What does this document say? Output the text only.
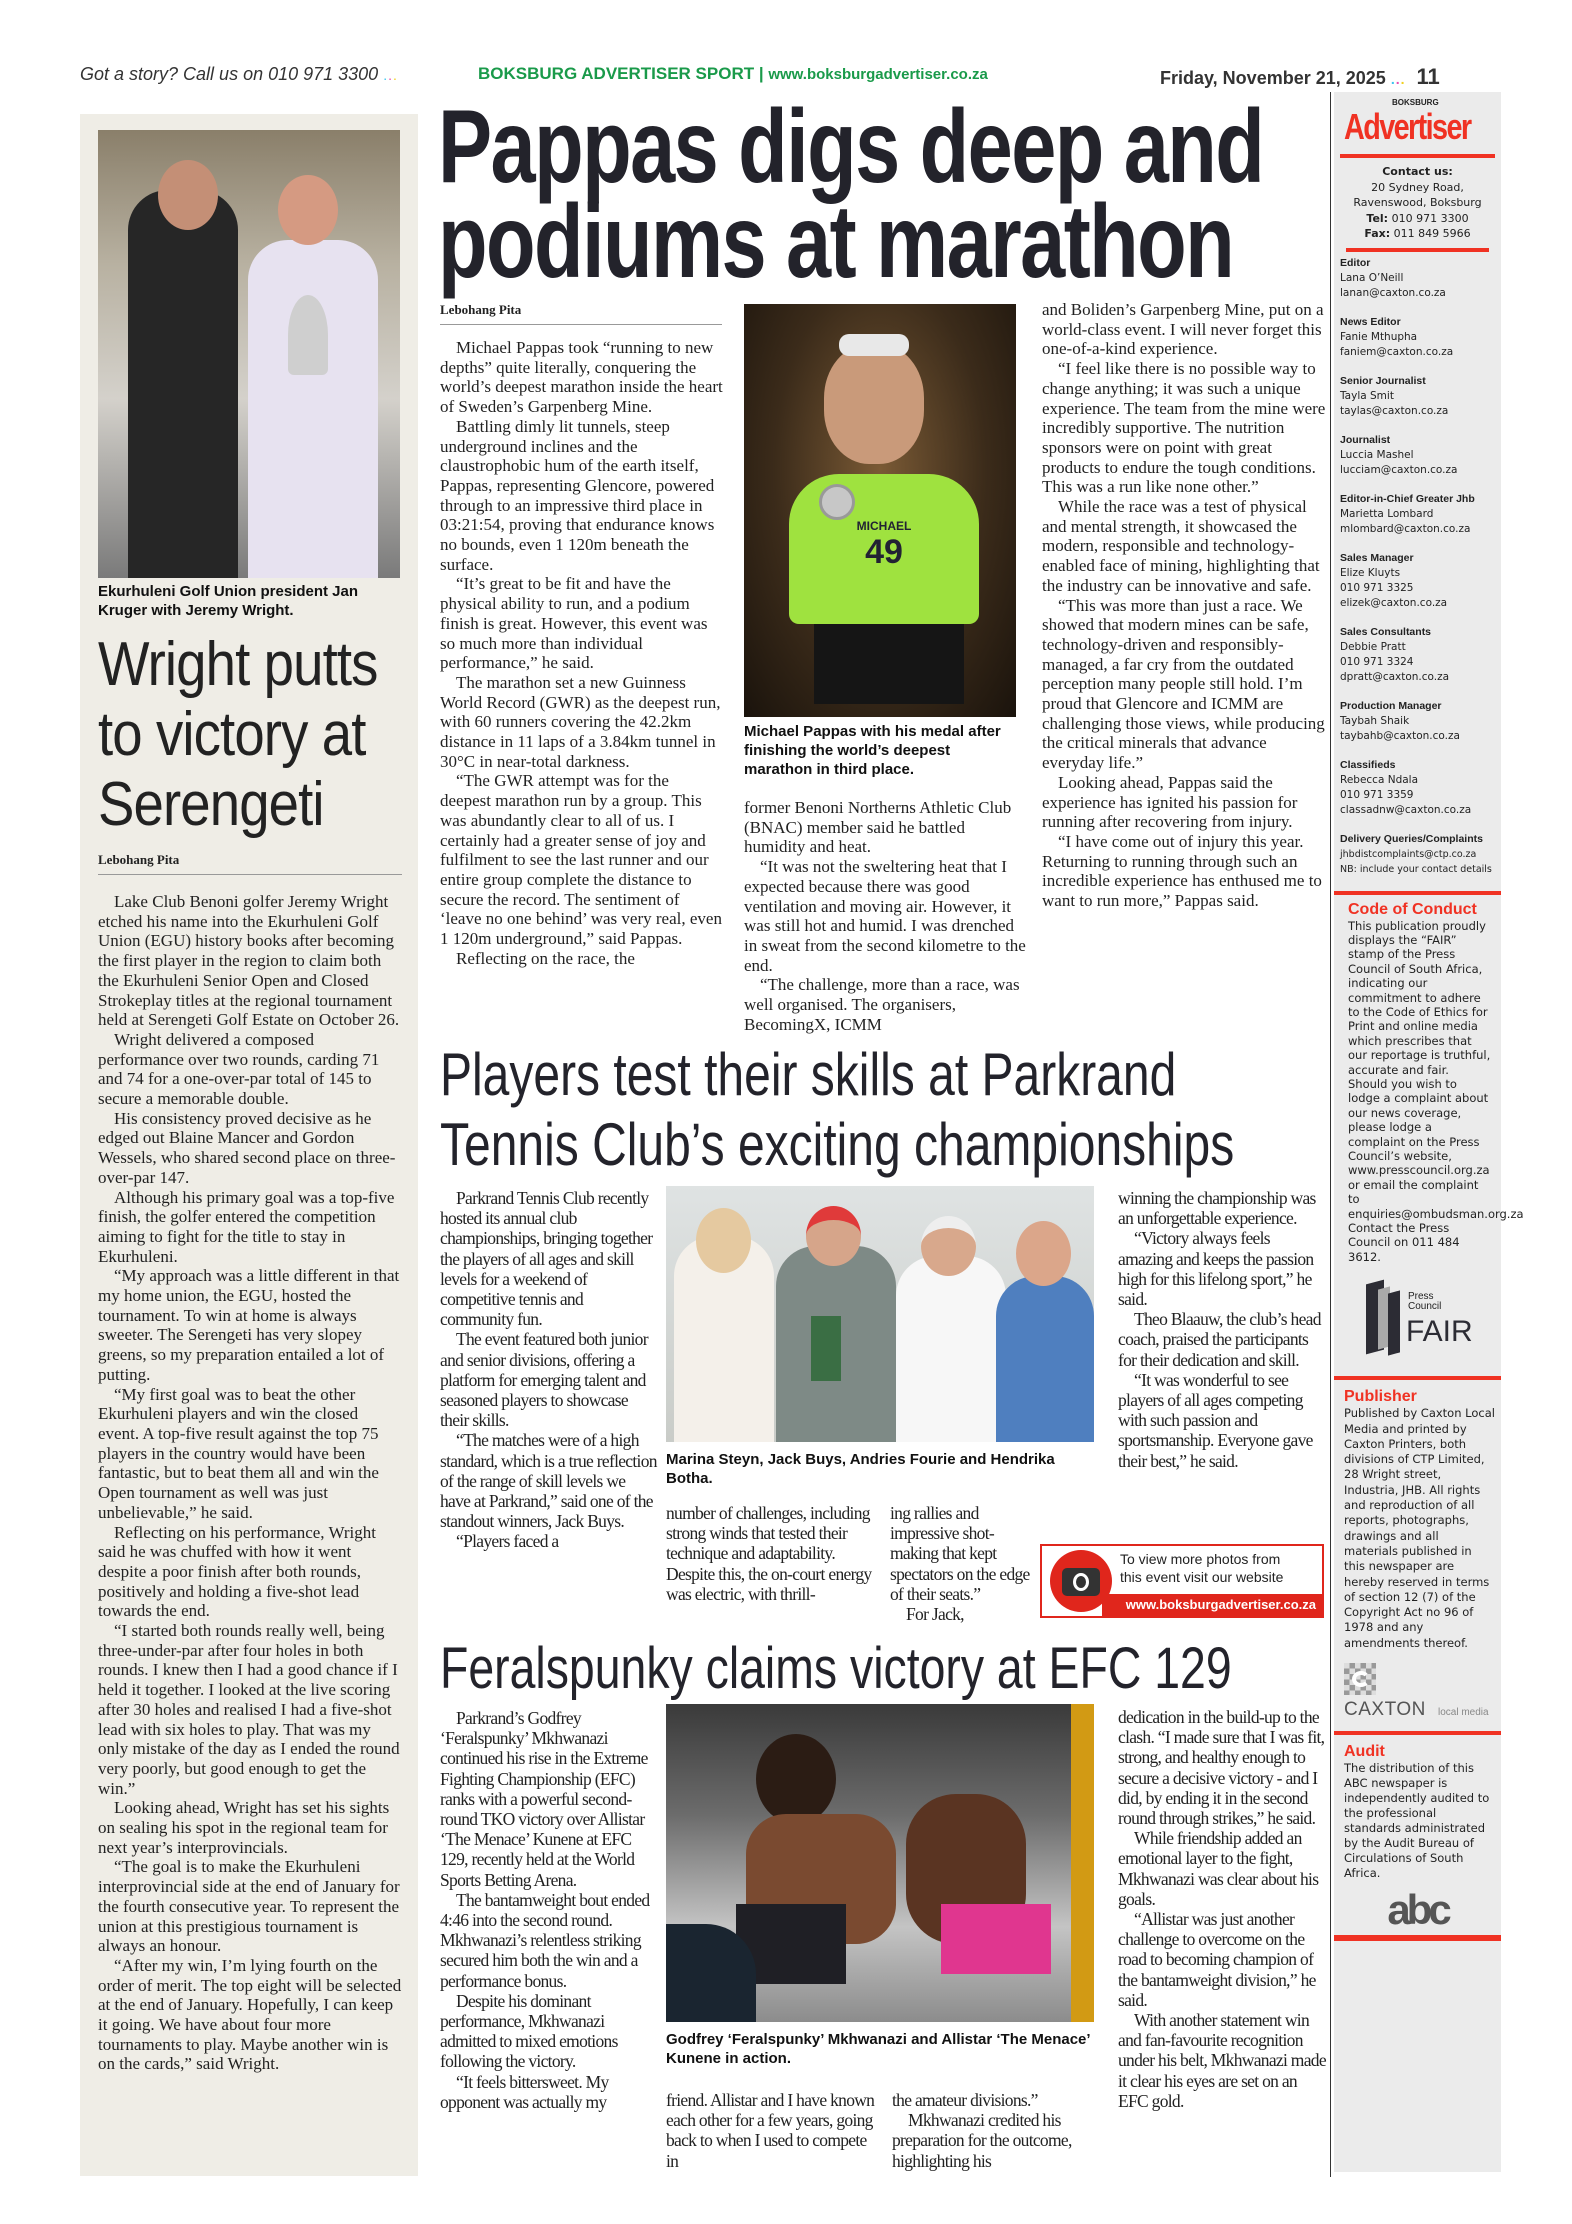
Got a story? Call us on 010 971 3300 ...	BOKSBURG ADVERTISER SPORT | www.boksburgadvertiser.co.za	Friday, November 21, 2025 ... 11
Ekurhuleni Golf Union president Jan Kruger with Jeremy Wright.
Wright putts to victory at Serengeti
Lebohang Pita

Lake Club Benoni golfer Jeremy Wright etched his name into the Ekurhuleni Golf Union (EGU) history books after becoming the first player in the region to claim both the Ekurhuleni Senior Open and Closed Strokeplay titles at the regional tournament held at Serengeti Golf Estate on October 26.

Wright delivered a composed performance over two rounds, carding 71 and 74 for a one-over-par total of 145 to secure a memorable double.

His consistency proved decisive as he edged out Blaine Mancer and Gordon Wessels, who shared second place on three-over-par 147.

Although his primary goal was a top-five finish, the golfer entered the competition aiming to fight for the title to stay in Ekurhuleni.

“My approach was a little different in that my home union, the EGU, hosted the tournament. To win at home is always sweeter. The Serengeti has very slopey greens, so my preparation entailed a lot of putting.

“My first goal was to beat the other Ekurhuleni players and win the closed event. A top-five result against the top 75 players in the country would have been fantastic, but to beat them all and win the Open tournament as well was just unbelievable,” he said.

Reflecting on his performance, Wright said he was chuffed with how it went despite a poor finish after both rounds, positively and holding a five-shot lead towards the end.

“I started both rounds really well, being three-under-par after four holes in both rounds. I knew then I had a good chance if I held it together. I looked at the live scoring after 30 holes and realised I had a five-shot lead with six holes to play. That was my only mistake of the day as I ended the round very poorly, but good enough to get the win.”

Looking ahead, Wright has set his sights on sealing his spot in the regional team for next year’s interprovincials.

“The goal is to make the Ekurhuleni interprovincial side at the end of January for the fourth consecutive year. To represent the union at this prestigious tournament is always an honour.

“After my win, I’m lying fourth on the order of merit. The top eight will be selected at the end of January. Hopefully, I can keep it going. We have about four more tournaments to play. Maybe another win is on the cards,” said Wright.

Pappas digs deep and
podiums at marathon
Lebohang Pita

Michael Pappas took “running to new depths” quite literally, conquering the world’s deepest marathon inside the heart of Sweden’s Garpenberg Mine.

Battling dimly lit tunnels, steep underground inclines and the claustrophobic hum of the earth itself, Pappas, representing Glencore, powered through to an impressive third place in 03:21:54, proving that endurance knows no bounds, even 1 120m beneath the surface.

“It’s great to be fit and have the physical ability to run, and a podium finish is great. However, this event was so much more than individual performance,” he said.

The marathon set a new Guinness World Record (GWR) as the deepest run, with 60 runners covering the 42.2km distance in 11 laps of a 3.84km tunnel in 30°C in near-total darkness.

“The GWR attempt was for the deepest marathon run by a group. This was abundantly clear to all of us. I certainly had a greater sense of joy and fulfilment to see the last runner and our entire group complete the distance to secure the record. The sentiment of ‘leave no one behind’ was very real, even 1 120m underground,” said Pappas.

Reflecting on the race, the

MICHAEL
49
Michael Pappas with his medal after finishing the world’s deepest marathon in third place.

former Benoni Northerns Athletic Club (BNAC) member said he battled humidity and heat.

“It was not the sweltering heat that I expected because there was good ventilation and moving air. However, it was still hot and humid. I was drenched in sweat from the second kilometre to the end.

“The challenge, more than a race, was well organised. The organisers, BecomingX, ICMM

and Boliden’s Garpenberg Mine, put on a world-class event. I will never forget this one-of-a-kind experience.

“I feel like there is no possible way to change anything; it was such a unique experience. The team from the mine were incredibly supportive. The nutrition sponsors were on point with great products to endure the tough conditions. This was a run like none other.”

While the race was a test of physical and mental strength, it showcased the modern, responsible and technology-enabled face of mining, highlighting that the industry can be innovative and safe.

“This was more than just a race. We showed that modern mines can be safe, technology-driven and responsibly-managed, a far cry from the outdated perception many people still hold. I’m proud that Glencore and ICMM are challenging those views, while producing the critical minerals that advance everyday life.”

Looking ahead, Pappas said the experience has ignited his passion for running after recovering from injury.

“I have come out of injury this year. Returning to running through such an incredible experience has enthused me to want to run more,” Pappas said.

Players test their skills at Parkrand
Tennis Club’s exciting championships

Parkrand Tennis Club recently hosted its annual club championships, bringing together the players of all ages and skill levels for a weekend of competitive tennis and community fun.

The event featured both junior and senior divisions, offering a platform for emerging talent and seasoned players to showcase their skills.

“The matches were of a high standard, which is a true reflection of the range of skill levels we have at Parkrand,” said one of the standout winners, Jack Buys.

“Players faced a

Marina Steyn, Jack Buys, Andries Fourie and Hendrika Botha.

number of challenges, including strong winds that tested their technique and adaptability. Despite this, the on-court energy was electric, with thrill-

ing rallies and impressive shot-making that kept spectators on the edge of their seats.”

For Jack,

winning the championship was an unforgettable experience.

“Victory always feels amazing and keeps the passion high for this lifelong sport,” he said.

Theo Blaauw, the club’s head coach, praised the participants for their dedication and skill.

“It was wonderful to see players of all ages competing with such passion and sportsmanship. Everyone gave their best,” he said.

To view more photos from
this event visit our website
www.boksburgadvertiser.co.za
Feralspunky claims victory at EFC 129

Parkrand’s Godfrey ‘Feralspunky’ Mkhwanazi continued his rise in the Extreme Fighting Championship (EFC) ranks with a powerful second-round TKO victory over Allistar ‘The Menace’ Kunene at EFC 129, recently held at the World Sports Betting Arena.

The bantamweight bout ended 4:46 into the second round. Mkhwanazi’s relentless striking secured him both the win and a performance bonus.

Despite his dominant performance, Mkhwanazi admitted to mixed emotions following the victory.

“It feels bittersweet. My opponent was actually my

Godfrey ‘Feralspunky’ Mkhwanazi and Allistar ‘The Menace’ Kunene in action.

friend. Allistar and I have known each other for a few years, going back to when I used to compete in

the amateur divisions.”

Mkhwanazi credited his preparation for the outcome, highlighting his

dedication in the build-up to the clash. “I made sure that I was fit, strong, and healthy enough to secure a decisive victory - and I did, by ending it in the second round through strikes,” he said.

While friendship added an emotional layer to the fight, Mkhwanazi was clear about his goals.

“Allistar was just another challenge to overcome on the road to becoming champion of the bantamweight division,” he said.

With another statement win and fan-favourite recognition under his belt, Mkhwanazi made it clear his eyes are set on an EFC gold.

BOKSBURG
Advertiser
Contact us:
20 Sydney Road,
Ravenswood, Boksburg
Tel: 010 971 3300
Fax: 011 849 5966
Editor
Lana O’Neill
lanan@caxton.co.za
News Editor
Fanie Mthupha
faniem@caxton.co.za
Senior Journalist
Tayla Smit
taylas@caxton.co.za
Journalist
Luccia Mashel
lucciam@caxton.co.za
Editor-in-Chief Greater Jhb
Marietta Lombard
mlombard@caxton.co.za
Sales Manager
Elize Kluyts
010 971 3325
elizek@caxton.co.za
Sales Consultants
Debbie Pratt
010 971 3324
dpratt@caxton.co.za
Production Manager
Taybah Shaik
taybahb@caxton.co.za
Classifieds
Rebecca Ndala
010 971 3359
classadnw@caxton.co.za
Delivery Queries/Complaints
jhbdistcomplaints@ctp.co.za
NB: include your contact details
Code of Conduct
This publication proudly displays the “FAIR” stamp of the Press Council of South Africa, indicating our commitment to adhere to the Code of Ethics for Print and online media which prescribes that our reportage is truthful, accurate and fair. Should you wish to lodge a complaint about our news coverage, please lodge a complaint on the Press Council’s website, www.presscouncil.org.za or email the complaint to enquiries@ombudsman.org.za Contact the Press Council on 011 484 3612.
Press
Council
FAIR
Publisher
Published by Caxton Local Media and printed by Caxton Printers, both divisions of CTP Limited, 28 Wright street, Industria, JHB. All rights and reproduction of all reports, photographs, drawings and all materials published in this newspaper are hereby reserved in terms of section 12 (7) of the Copyright Act no 96 of 1978 and any amendments thereof.
CAXTON local media
Audit
The distribution of this ABC newspaper is independently audited to the professional standards administrated by the Audit Bureau of Circulations of South Africa.
abc
